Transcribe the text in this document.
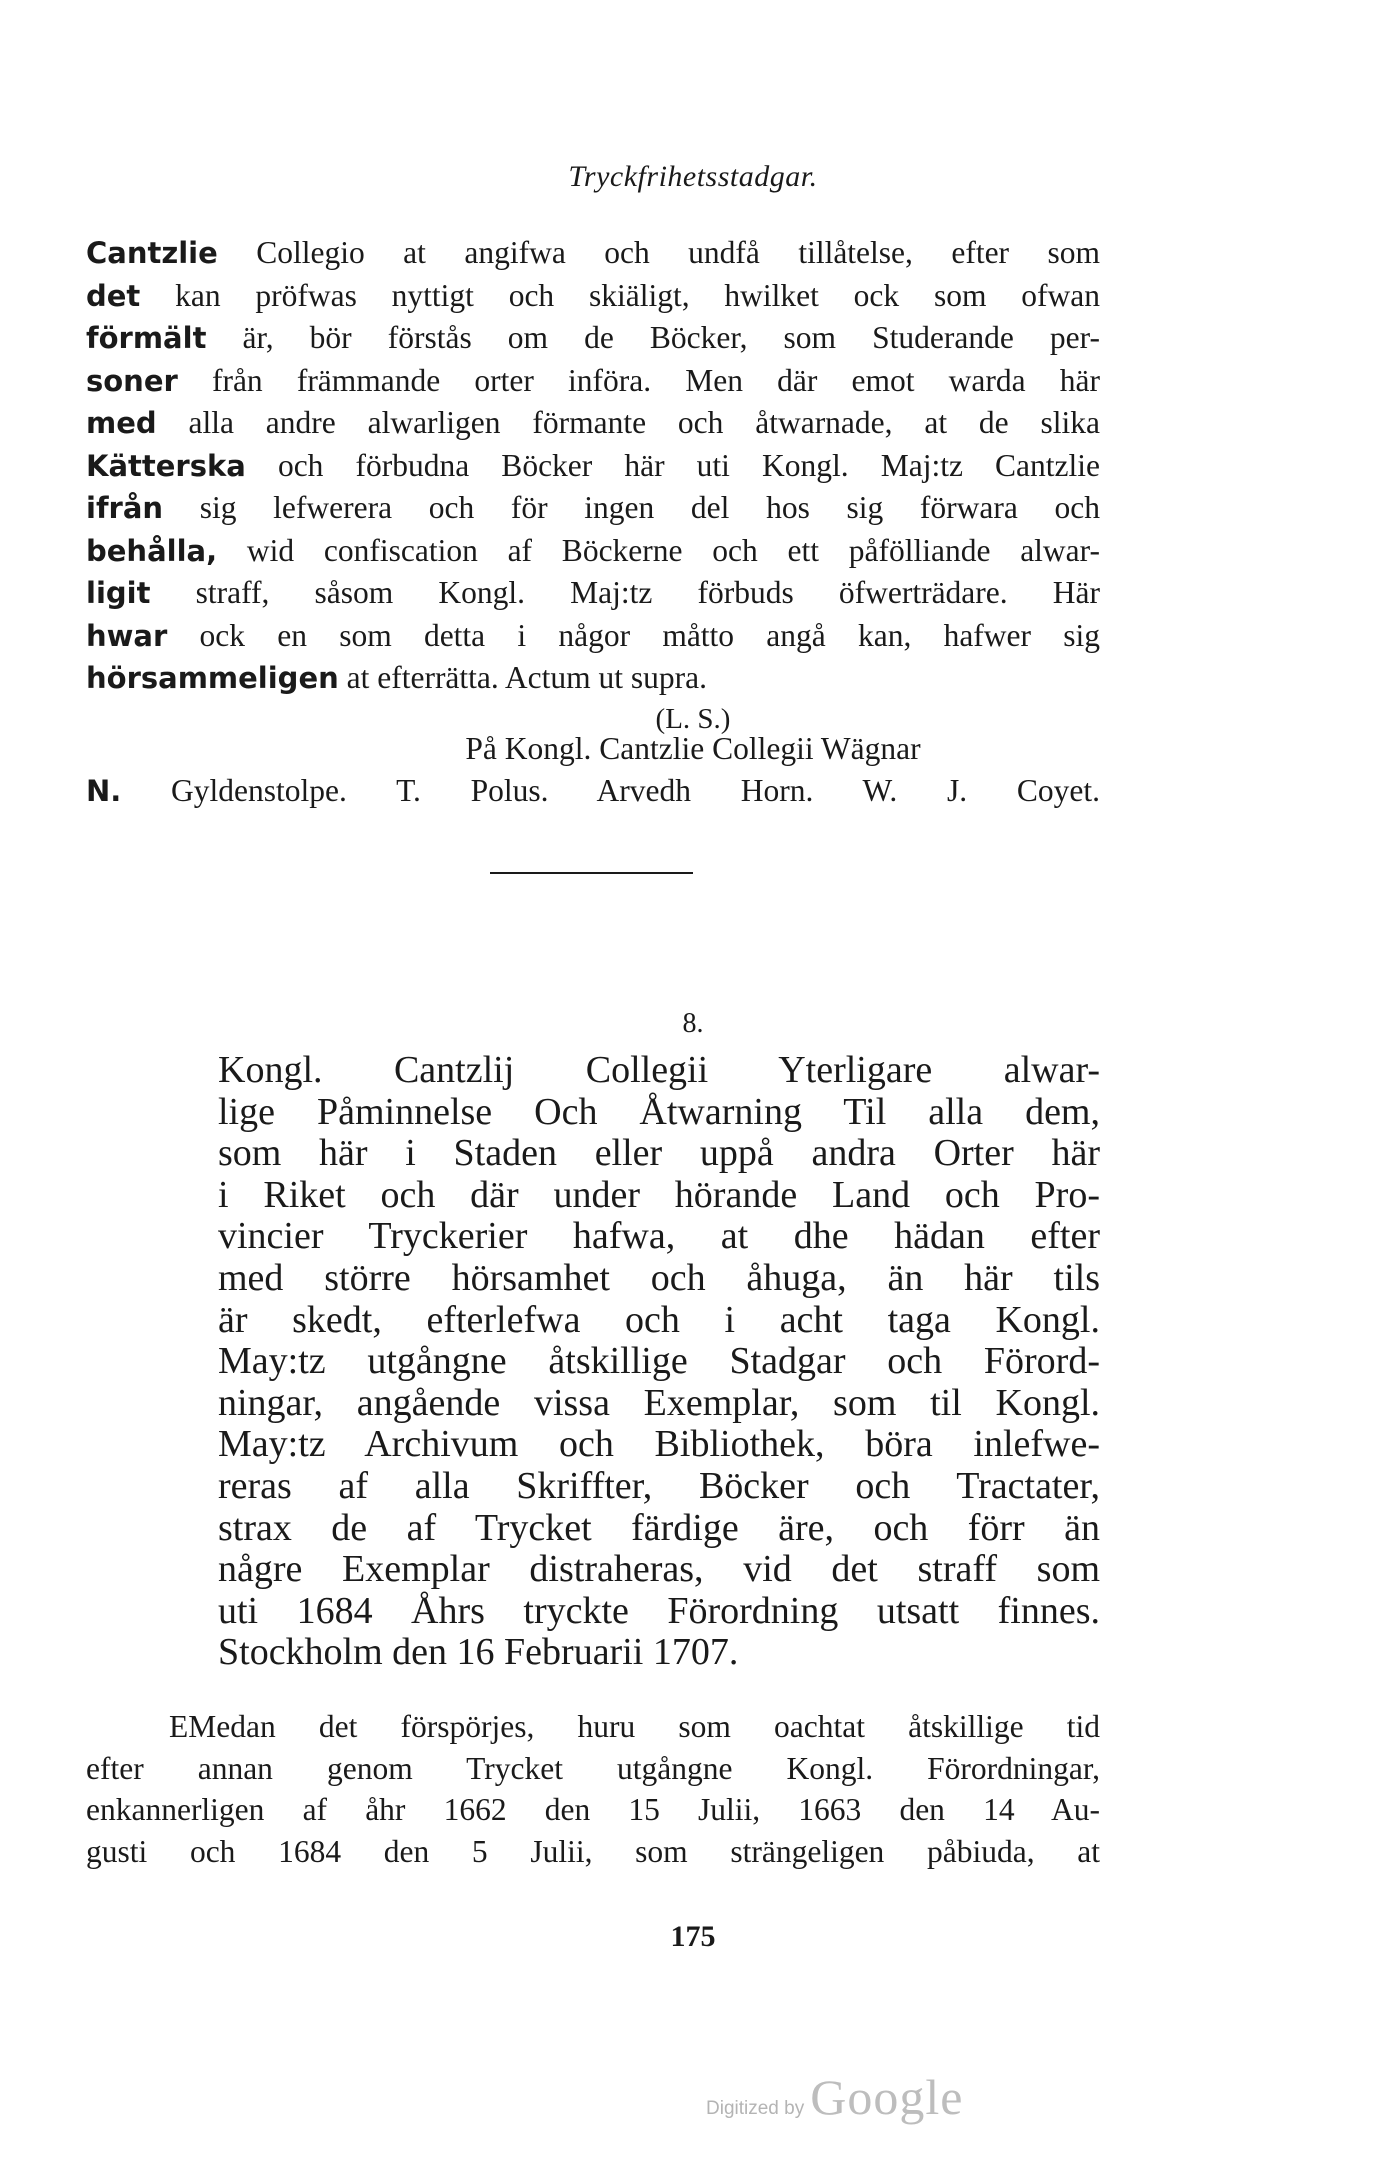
Tryckfrihetsstadgar.
Cantzlie Collegio at angifwa och undfå tillåtelse, efter som
det kan pröfwas nyttigt och skiäligt, hwilket ock som ofwan
förmält är, bör förstås om de Böcker, som Studerande per-
soner från främmande orter införa. Men där emot warda här
med alla andre alwarligen förmante och åtwarnade, at de slika
Kätterska och förbudna Böcker här uti Kongl. Maj:tz Cantzlie
ifrån sig lefwerera och för ingen del hos sig förwara och
behålla, wid confiscation af Böckerne och ett påfölliande alwar-
ligit straff, såsom Kongl. Maj:tz förbuds öfwerträdare. Här
hwar ock en som detta i någor måtto angå kan, hafwer sig
hörsammeligen at efterrätta. Actum ut supra.
(L. S.)
På Kongl. Cantzlie Collegii Wägnar
N. Gyldenstolpe. T. Polus. Arvedh Horn. W. J. Coyet.
8.
Kongl. Cantzlij Collegii Yterligare alwar-
lige Påminnelse Och Åtwarning Til alla dem,
som här i Staden eller uppå andra Orter här
i Riket och där under hörande Land och Pro-
vincier Tryckerier hafwa, at dhe hädan efter
med större hörsamhet och åhuga, än här tils
är skedt, efterlefwa och i acht taga Kongl.
May:tz utgångne åtskillige Stadgar och Förord-
ningar, angående vissa Exemplar, som til Kongl.
May:tz Archivum och Bibliothek, böra inlefwe-
reras af alla Skriffter, Böcker och Tractater,
strax de af Trycket färdige äre, och förr än
någre Exemplar distraheras, vid det straff som
uti 1684 Åhrs tryckte Förordning utsatt finnes.
Stockholm den 16 Februarii 1707.
EMedan det förspörjes, huru som oachtat åtskillige tid
efter annan genom Trycket utgångne Kongl. Förordningar,
enkannerligen af åhr 1662 den 15 Julii, 1663 den 14 Au-
gusti och 1684 den 5 Julii, som strängeligen påbiuda, at
175
Digitized by Google
